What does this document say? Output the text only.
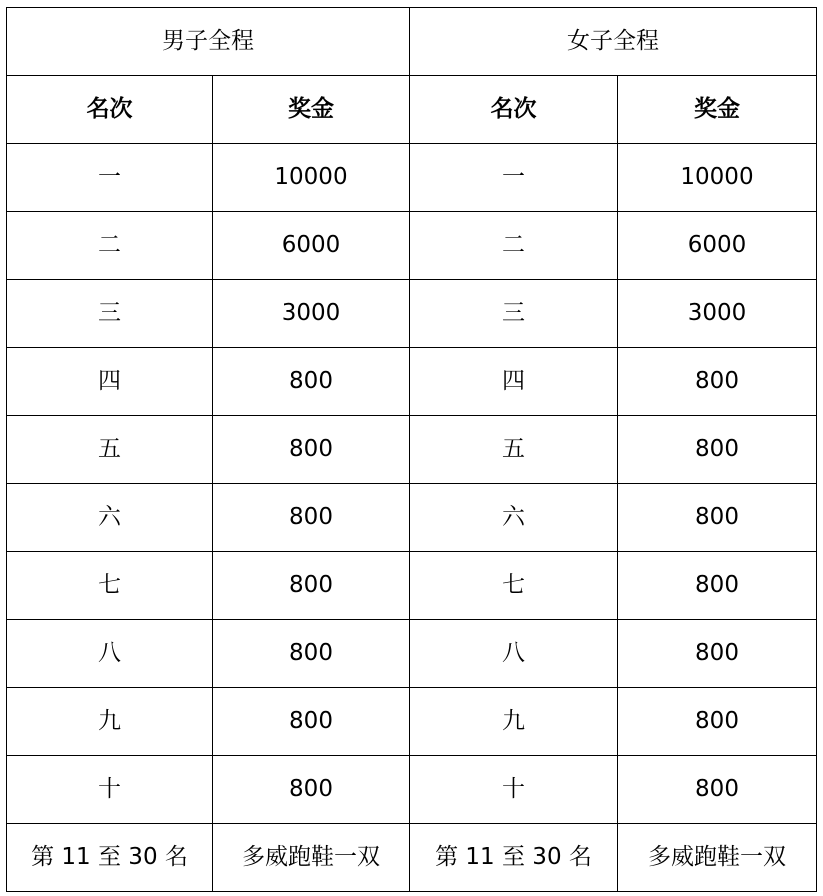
男子全程		女子全程	
名次	奖金	名次	奖金
一	10000	一	10000
二	6000	二	6000
三	3000	三	3000
四	800	四	800
五	800	五	800
六	800	六	800
七	800	七	800
八	800	八	800
九	800	九	800
十	800	十	800
第 11 至 30 名	多威跑鞋一双	第 11 至 30 名	多威跑鞋一双
